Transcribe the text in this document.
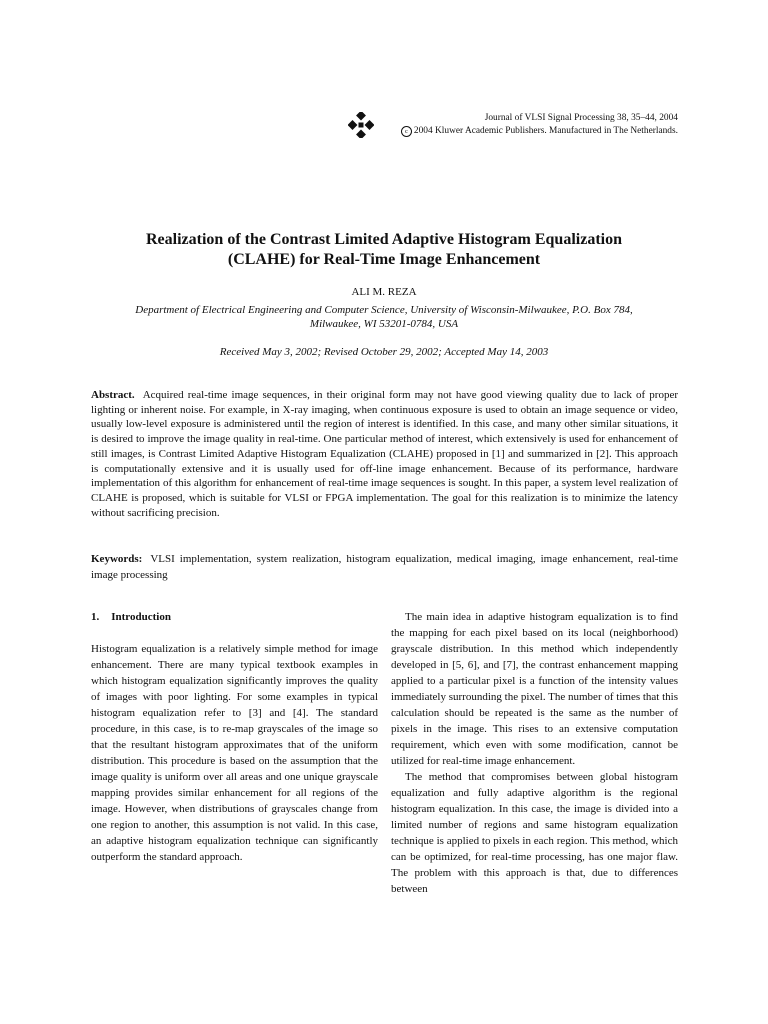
Journal of VLSI Signal Processing 38, 35–44, 2004
c 2004 Kluwer Academic Publishers. Manufactured in The Netherlands.
Realization of the Contrast Limited Adaptive Histogram Equalization
(CLAHE) for Real-Time Image Enhancement
ALI M. REZA
Department of Electrical Engineering and Computer Science, University of Wisconsin-Milwaukee, P.O. Box 784,
Milwaukee, WI 53201-0784, USA
Received May 3, 2002; Revised October 29, 2002; Accepted May 14, 2003

Abstract. Acquired real-time image sequences, in their original form may not have good viewing quality due to lack of proper lighting or inherent noise. For example, in X-ray imaging, when continuous exposure is used to obtain an image sequence or video, usually low-level exposure is administered until the region of interest is identified. In this case, and many other similar situations, it is desired to improve the image quality in real-time. One particular method of interest, which extensively is used for enhancement of still images, is Contrast Limited Adaptive Histogram Equalization (CLAHE) proposed in [1] and summarized in [2]. This approach is computationally extensive and it is usually used for off-line image enhancement. Because of its performance, hardware implementation of this algorithm for enhancement of real-time image sequences is sought. In this paper, a system level realization of CLAHE is proposed, which is suitable for VLSI or FPGA implementation. The goal for this realization is to minimize the latency without sacrificing precision.

Keywords: VLSI implementation, system realization, histogram equalization, medical imaging, image enhancement, real-time image processing

1. Introduction

Histogram equalization is a relatively simple method for image enhancement. There are many typical textbook examples in which histogram equalization significantly improves the quality of images with poor lighting. For some examples in typical histogram equalization refer to [3] and [4]. The standard procedure, in this case, is to re-map grayscales of the image so that the resultant histogram approximates that of the uniform distribution. This procedure is based on the assumption that the image quality is uniform over all areas and one unique grayscale mapping provides similar enhancement for all regions of the image. However, when distributions of grayscales change from one region to another, this assumption is not valid. In this case, an adaptive histogram equalization technique can significantly outperform the standard approach.

The main idea in adaptive histogram equalization is to find the mapping for each pixel based on its local (neighborhood) grayscale distribution. In this method which independently developed in [5, 6], and [7], the contrast enhancement mapping applied to a particular pixel is a function of the intensity values immediately surrounding the pixel. The number of times that this calculation should be repeated is the same as the number of pixels in the image. This rises to an extensive computation requirement, which even with some modification, cannot be utilized for real-time image enhancement.

The method that compromises between global histogram equalization and fully adaptive algorithm is the regional histogram equalization. In this case, the image is divided into a limited number of regions and same histogram equalization technique is applied to pixels in each region. This method, which can be optimized, for real-time processing, has one major flaw. The problem with this approach is that, due to differences between
